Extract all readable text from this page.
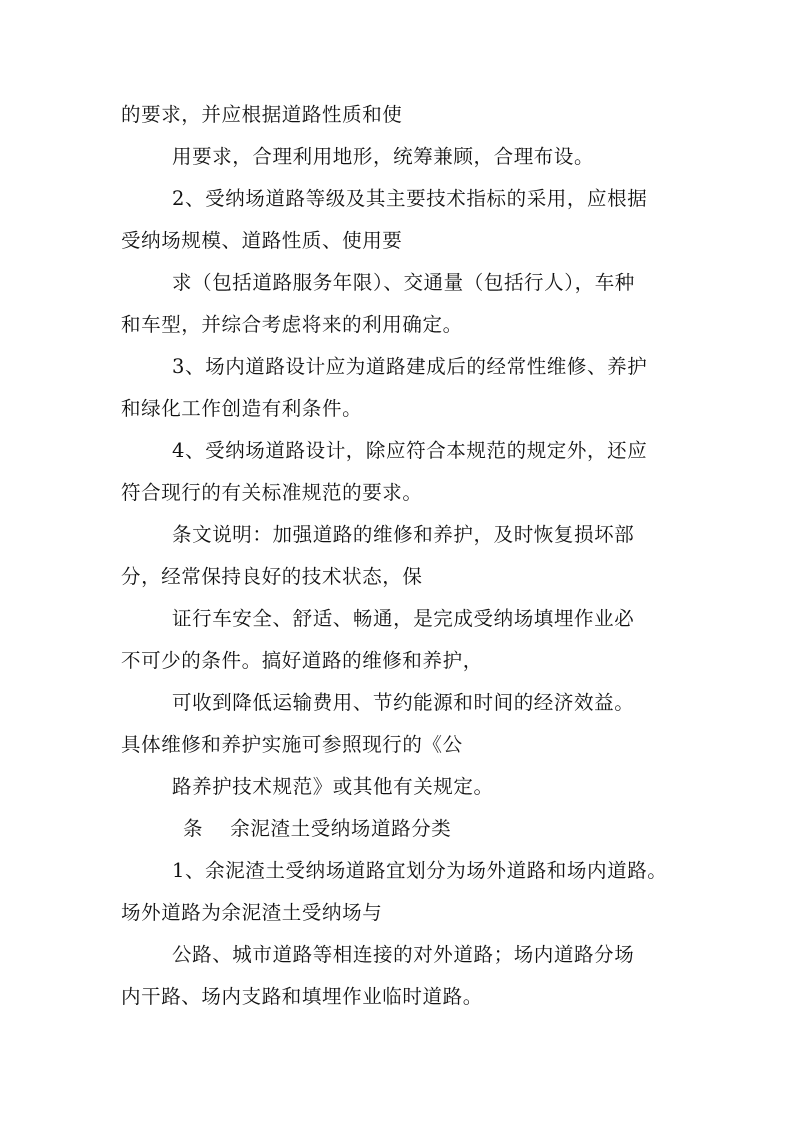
的要求，并应根据道路性质和使
用要求，合理利用地形，统筹兼顾，合理布设。
2、受纳场道路等级及其主要技术指标的采用，应根据
受纳场规模、道路性质、使用要
求（包括道路服务年限）、交通量（包括行人），车种
和车型，并综合考虑将来的利用确定。
3、场内道路设计应为道路建成后的经常性维修、养护
和绿化工作创造有利条件。
4、受纳场道路设计，除应符合本规范的规定外，还应
符合现行的有关标准规范的要求。
条文说明：加强道路的维修和养护，及时恢复损坏部
分，经常保持良好的技术状态，保
证行车安全、舒适、畅通，是完成受纳场填埋作业必
不可少的条件。搞好道路的维修和养护，
可收到降低运输费用、节约能源和时间的经济效益。
具体维修和养护实施可参照现行的《公
路养护技术规范》或其他有关规定。
条    余泥渣土受纳场道路分类
1、余泥渣土受纳场道路宜划分为场外道路和场内道路。
场外道路为余泥渣土受纳场与
公路、城市道路等相连接的对外道路；场内道路分场
内干路、场内支路和填埋作业临时道路。
